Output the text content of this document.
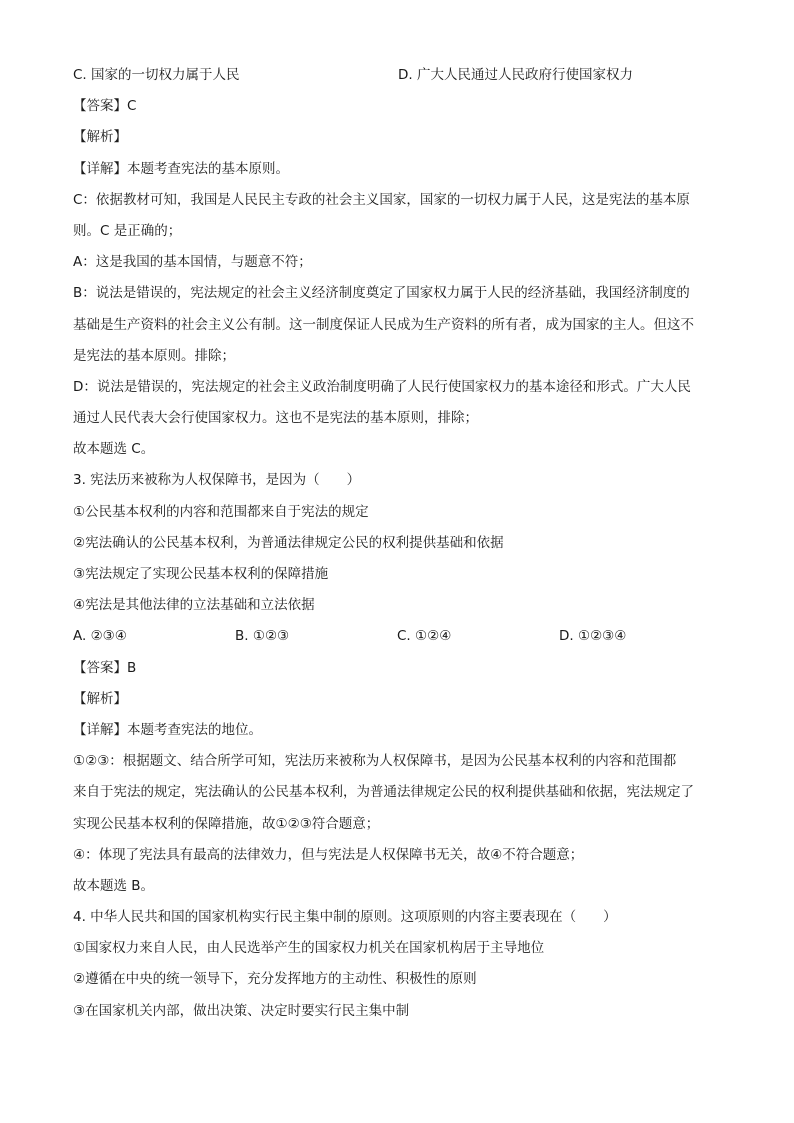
C. 国家的一切权力属于人民	D. 广大人民通过人民政府行使国家权力
【答案】C
【解析】
【详解】本题考查宪法的基本原则。
C：依据教材可知，我国是人民民主专政的社会主义国家，国家的一切权力属于人民，这是宪法的基本原
则。C 是正确的；
A：这是我国的基本国情，与题意不符；
B：说法是错误的，宪法规定的社会主义经济制度奠定了国家权力属于人民的经济基础，我国经济制度的
基础是生产资料的社会主义公有制。这一制度保证人民成为生产资料的所有者，成为国家的主人。但这不
是宪法的基本原则。排除；
D：说法是错误的，宪法规定的社会主义政治制度明确了人民行使国家权力的基本途径和形式。广大人民
通过人民代表大会行使国家权力。这也不是宪法的基本原则，排除；
故本题选 C。
3. 宪法历来被称为人权保障书，是因为（　　）
①公民基本权利的内容和范围都来自于宪法的规定
②宪法确认的公民基本权利，为普通法律规定公民的权利提供基础和依据
③宪法规定了实现公民基本权利的保障措施
④宪法是其他法律的立法基础和立法依据
A. ②③④	B. ①②③	C. ①②④	D. ①②③④
【答案】B
【解析】
【详解】本题考查宪法的地位。
①②③：根据题文、结合所学可知，宪法历来被称为人权保障书，是因为公民基本权利的内容和范围都
来自于宪法的规定，宪法确认的公民基本权利，为普通法律规定公民的权利提供基础和依据，宪法规定了
实现公民基本权利的保障措施，故①②③符合题意；
④：体现了宪法具有最高的法律效力，但与宪法是人权保障书无关，故④不符合题意；
故本题选 B。
4. 中华人民共和国的国家机构实行民主集中制的原则。这项原则的内容主要表现在（　　）
①国家权力来自人民，由人民选举产生的国家权力机关在国家机构居于主导地位
②遵循在中央的统一领导下，充分发挥地方的主动性、积极性的原则
③在国家机关内部，做出决策、决定时要实行民主集中制
